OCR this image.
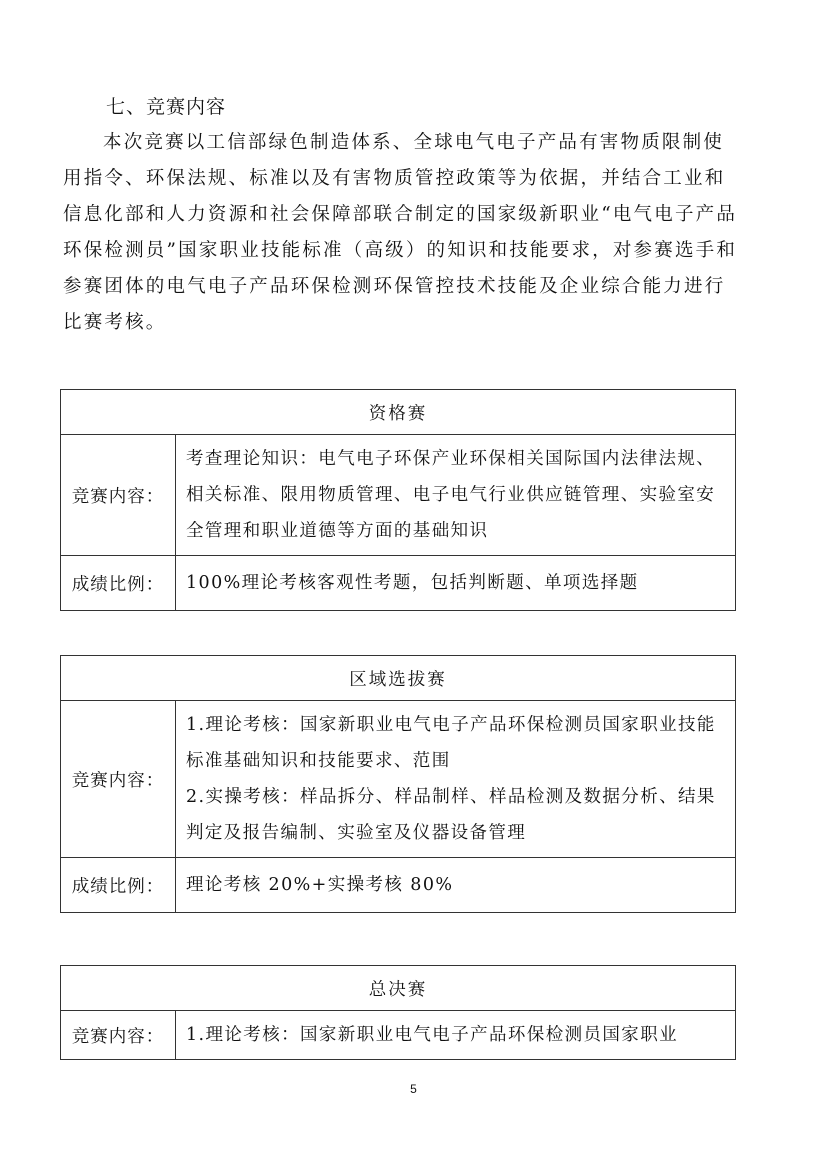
七、竞赛内容

本次竞赛以工信部绿色制造体系、全球电气电子产品有害物质限制使用指令、环保法规、标准以及有害物质管控政策等为依据，并结合工业和信息化部和人力资源和社会保障部联合制定的国家级新职业“电气电子产品环保检测员”国家职业技能标准（高级）的知识和技能要求，对参赛选手和参赛团体的电气电子产品环保检测环保管控技术技能及企业综合能力进行比赛考核。

资格赛	
竞赛内容：	考查理论知识：电气电子环保产业环保相关国际国内法律法规、相关标准、限用物质管理、电子电气行业供应链管理、实验室安全管理和职业道德等方面的基础知识
成绩比例：	100%理论考核客观性考题，包括判断题、单项选择题
区域选拔赛	
竞赛内容：	1.理论考核：国家新职业电气电子产品环保检测员国家职业技能标准基础知识和技能要求、范围
2.实操考核：样品拆分、样品制样、样品检测及数据分析、结果判定及报告编制、实验室及仪器设备管理

成绩比例：	理论考核 20%+实操考核 80%
总决赛
竞赛内容：	1.理论考核：国家新职业电气电子产品环保检测员国家职业
5
